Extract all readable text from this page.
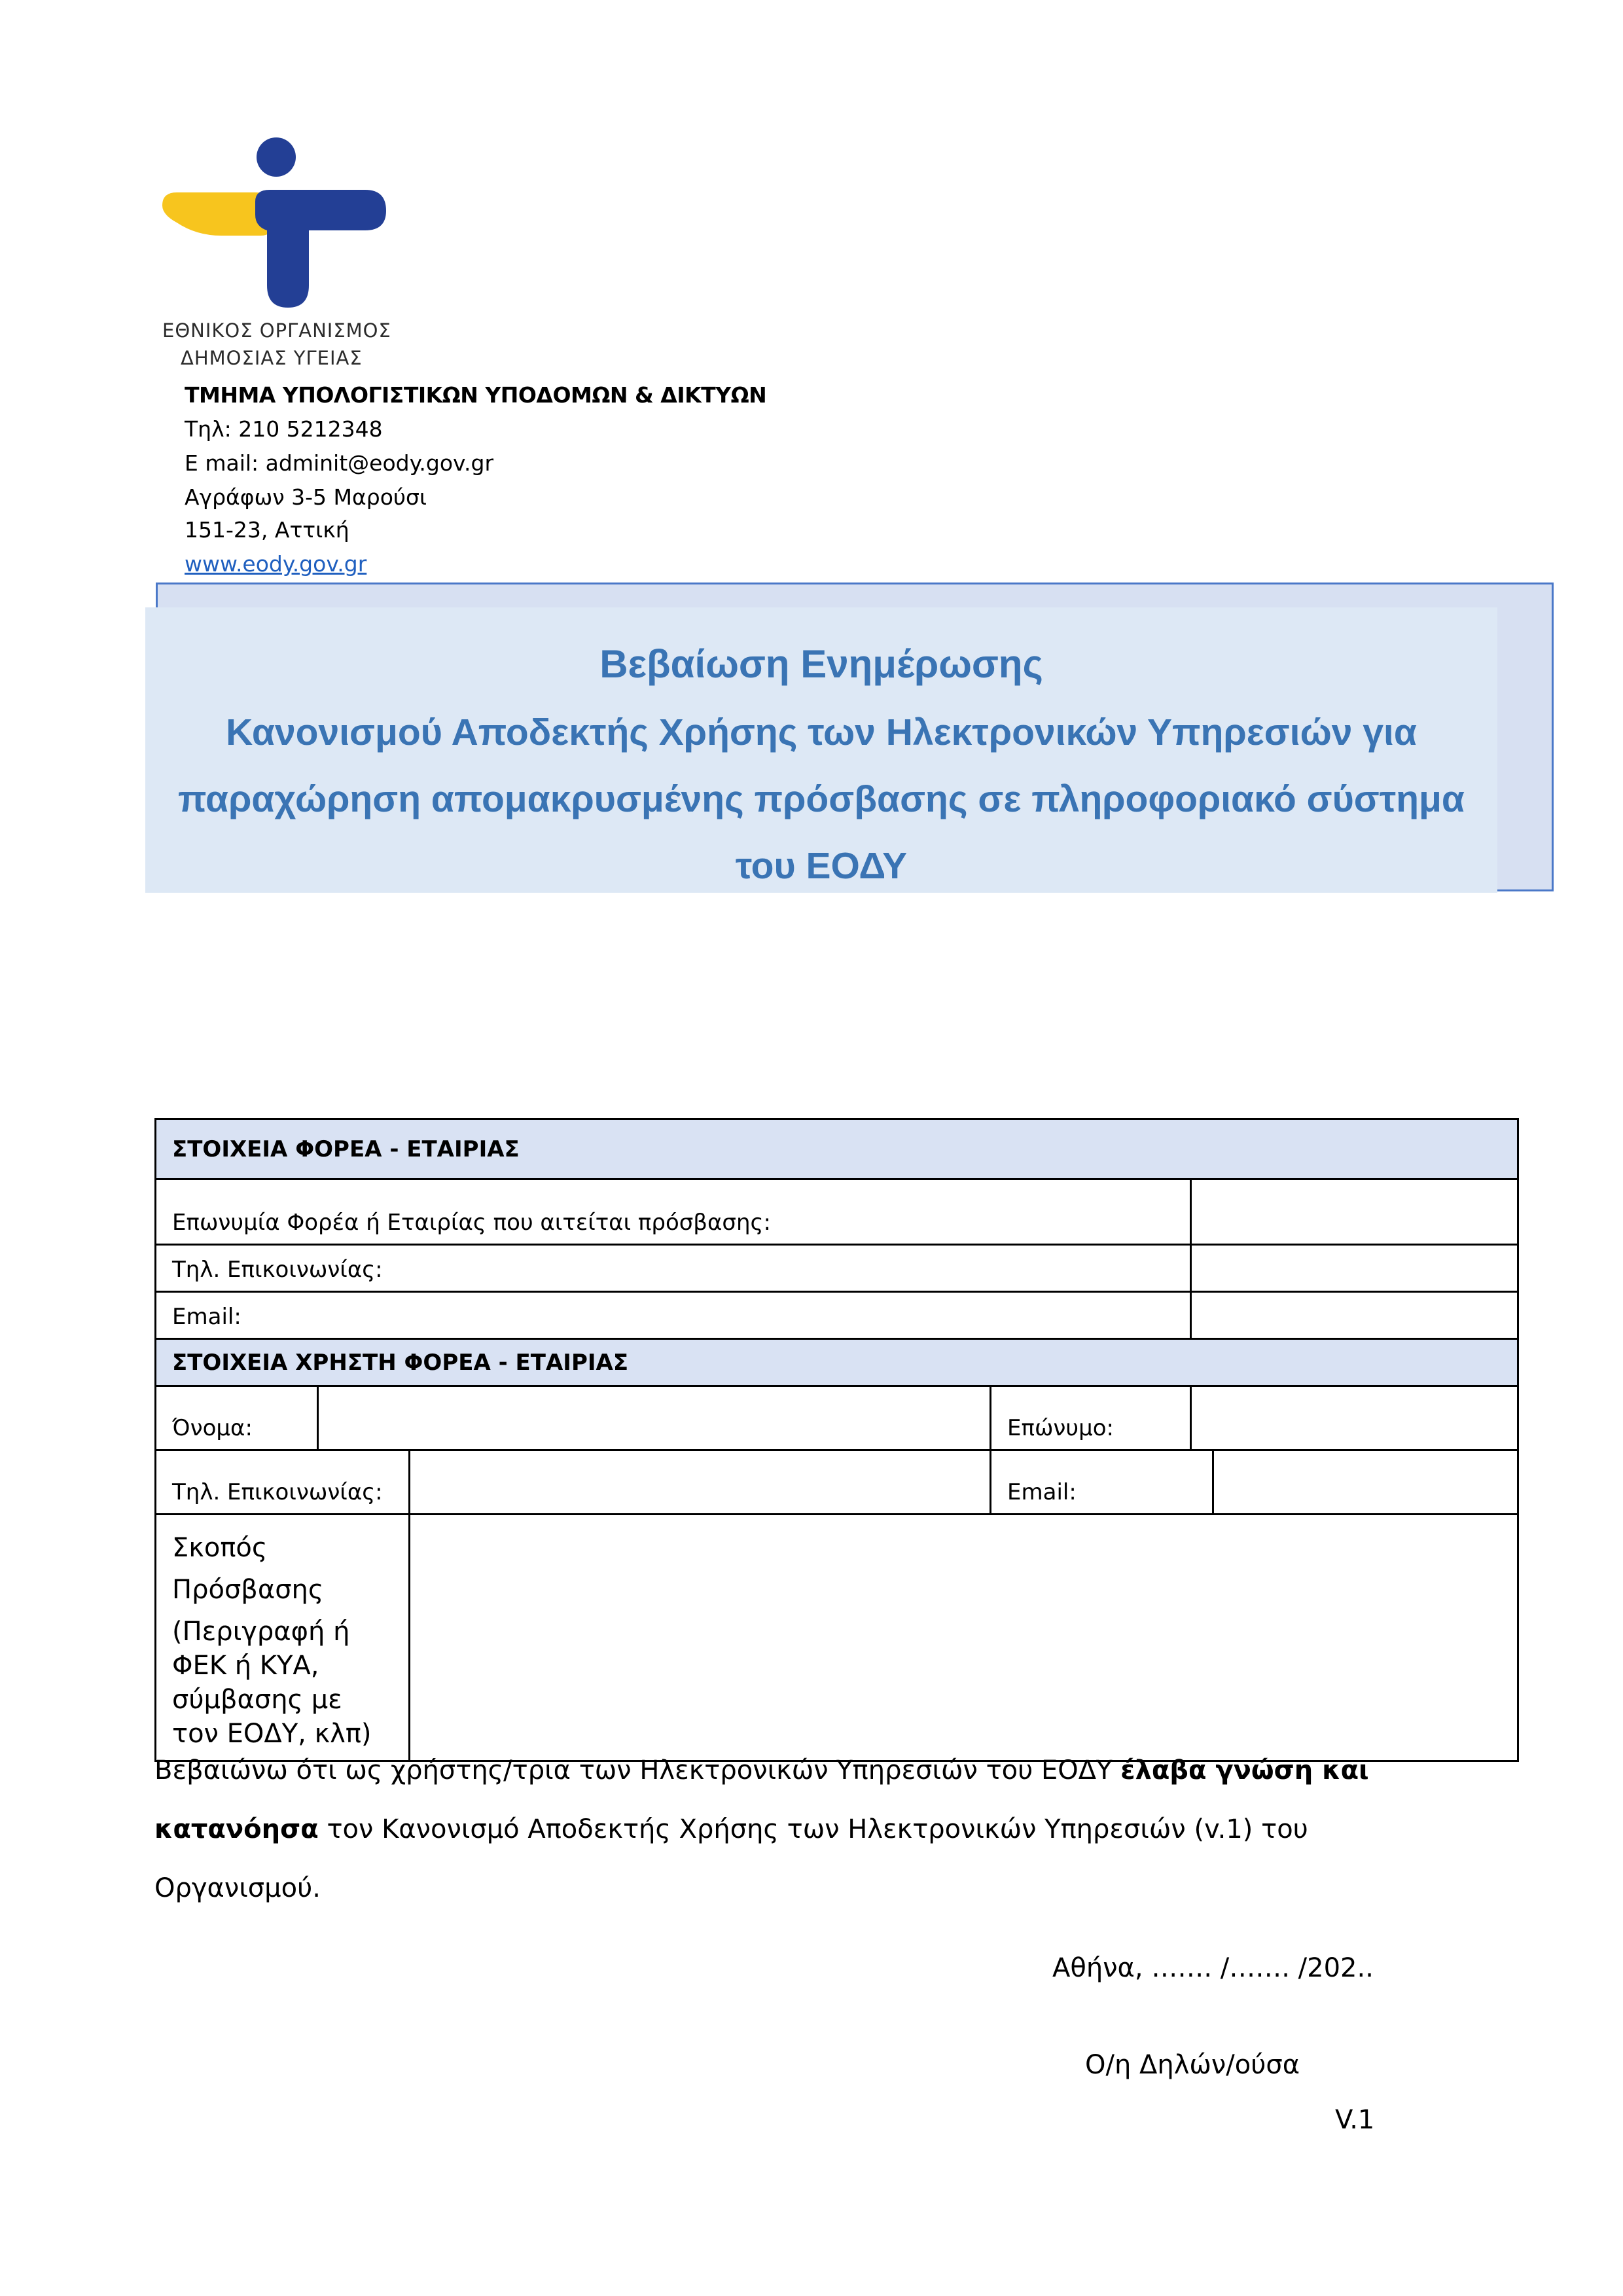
ΕΘΝΙΚΟΣ ΟΡΓΑΝΙΣΜΟΣ
ΔΗΜΟΣΙΑΣ ΥΓΕΙΑΣ
ΤΜΗΜΑ ΥΠΟΛΟΓΙΣΤΙΚΩΝ ΥΠΟΔΟΜΩΝ & ΔΙΚΤΥΩΝ
Τηλ: 210 5212348
E mail: adminit@eody.gov.gr
Αγράφων 3-5 Μαρούσι
151-23, Αττική
www.eody.gov.gr
Βεβαίωση Ενημέρωσης
Κανονισμού Αποδεκτής Χρήσης των Ηλεκτρονικών Υπηρεσιών για
παραχώρηση απομακρυσμένης πρόσβασης σε πληροφοριακό σύστημα
του ΕΟΔΥ
ΣΤΟΙΧΕΙΑ ΦΟΡΕΑ - ΕΤΑΙΡΙΑΣ					
Επωνυμία Φορέα ή Εταιρίας που αιτείται πρόσβασης:					
Τηλ. Επικοινωνίας:					
Email:					
ΣΤΟΙΧΕΙΑ ΧΡΗΣΤΗ ΦΟΡΕΑ - ΕΤΑΙΡΙΑΣ					
Όνομα:			Επώνυμο:		
Τηλ. Επικοινωνίας:			Email:		

Σκοπός Πρόσβασης
(Περιγραφή ή ΦΕΚ ή ΚΥΑ, σύμβασης με
τον ΕΟΔΥ, κλπ)					

Βεβαιώνω ότι ως χρήστης/τρια των Ηλεκτρονικών Υπηρεσιών του ΕΟΔΥ έλαβα γνώση και
κατανόησα τον Κανονισμό Αποδεκτής Χρήσης των Ηλεκτρονικών Υπηρεσιών (v.1) του
Οργανισμού.
Αθήνα, ……. /……. /202..
Ο/η Δηλών/ούσα
V.1
